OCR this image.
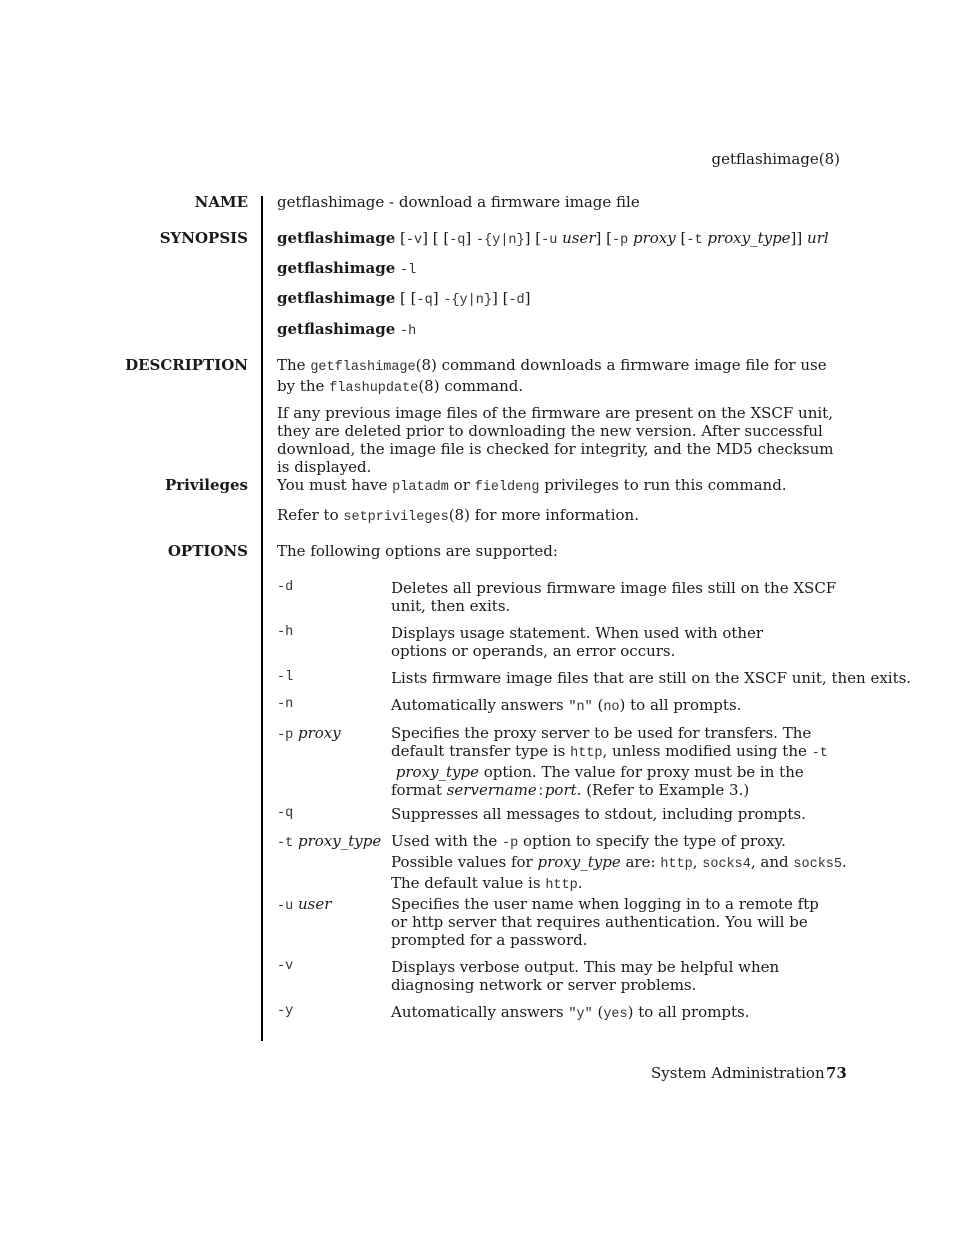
getflashimage(8)
NAME getflashimage - download a firmware image file
SYNOPSIS getflashimage [-v] [ [-q] -{y|n}] [-u user] [-p proxy [-t proxy_type]] url
getflashimage -l
getflashimage [ [-q] -{y|n}] [-d]
getflashimage -h
DESCRIPTION The getflashimage(8) command downloads a firmware image file for use by the flashupdate(8) command.
If any previous image files of the firmware are present on the XSCF unit, they are deleted prior to downloading the new version. After successful download, the image file is checked for integrity, and the MD5 checksum is displayed.
Privileges You must have platadm or fieldeng privileges to run this command.
Refer to setprivileges(8) for more information.
OPTIONS The following options are supported:
-d	Deletes all previous firmware image files still on the XSCF unit, then exits.
-h	Displays usage statement. When used with other options or operands, an error occurs.
-l	Lists firmware image files that are still on the XSCF unit, then exits.
-n	Automatically answers "n" (no) to all prompts.
-p proxy	Specifies the proxy server to be used for transfers. The default transfer type is http, unless modified using the -t proxy_type option. The value for proxy must be in the format servername:port. (Refer to Example 3.)
-q	Suppresses all messages to stdout, including prompts.
-t proxy_type Used with the -p option to specify the type of proxy. Possible values for proxy_type are: http, socks4, and socks5. The default value is http.
-u user	Specifies the user name when logging in to a remote ftp or http server that requires authentication. You will be prompted for a password.
-v	Displays verbose output. This may be helpful when diagnosing network or server problems.
-y	Automatically answers "y" (yes) to all prompts.
System Administration 73
